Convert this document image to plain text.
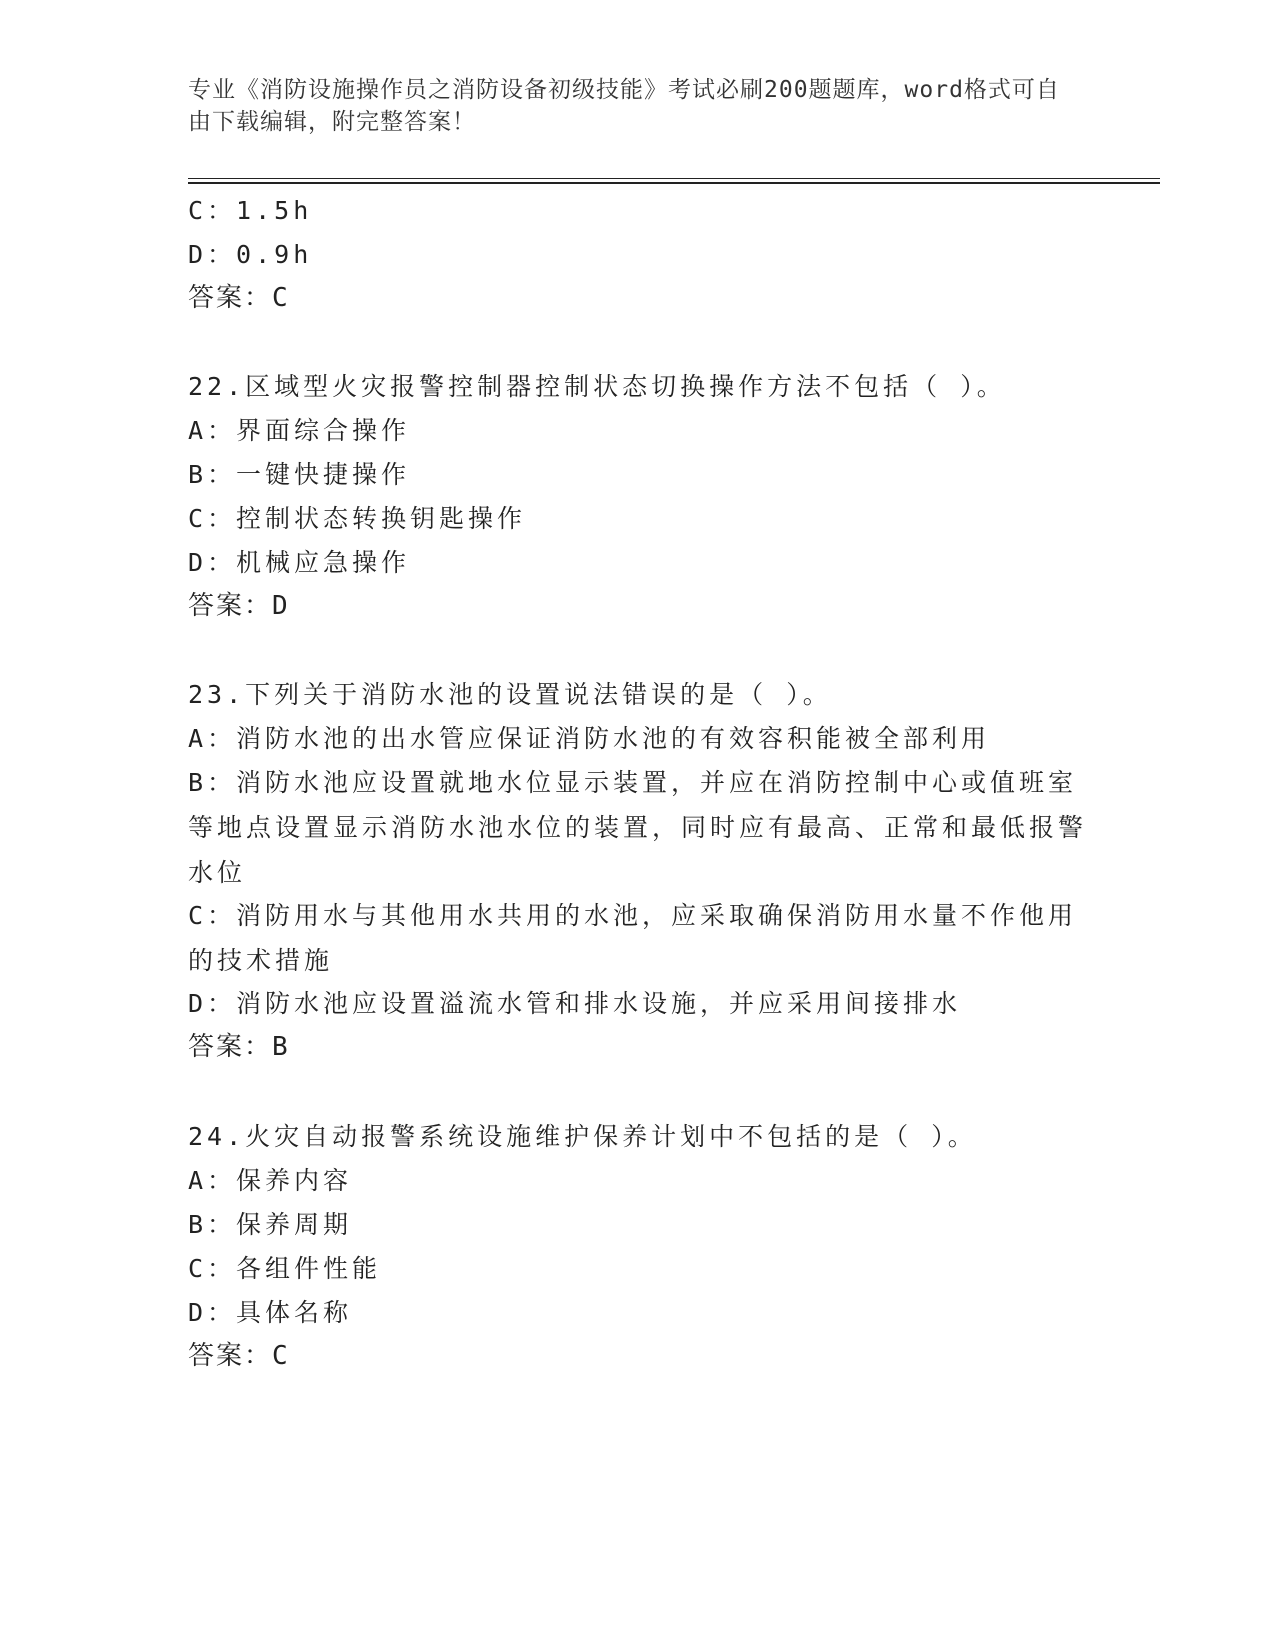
专业《消防设施操作员之消防设备初级技能》考试必刷200题题库，word格式可自由下载编辑，附完整答案！
C：1.5h
D：0.9h
答案：C
22.区域型火灾报警控制器控制状态切换操作方法不包括（ ）。
A：界面综合操作
B：一键快捷操作
C：控制状态转换钥匙操作
D：机械应急操作
答案：D
23.下列关于消防水池的设置说法错误的是（ ）。
A：消防水池的出水管应保证消防水池的有效容积能被全部利用
B：消防水池应设置就地水位显示装置，并应在消防控制中心或值班室等地点设置显示消防水池水位的装置，同时应有最高、正常和最低报警水位
C：消防用水与其他用水共用的水池，应采取确保消防用水量不作他用的技术措施
D：消防水池应设置溢流水管和排水设施，并应采用间接排水
答案：B
24.火灾自动报警系统设施维护保养计划中不包括的是（ ）。
A：保养内容
B：保养周期
C：各组件性能
D：具体名称
答案：C
